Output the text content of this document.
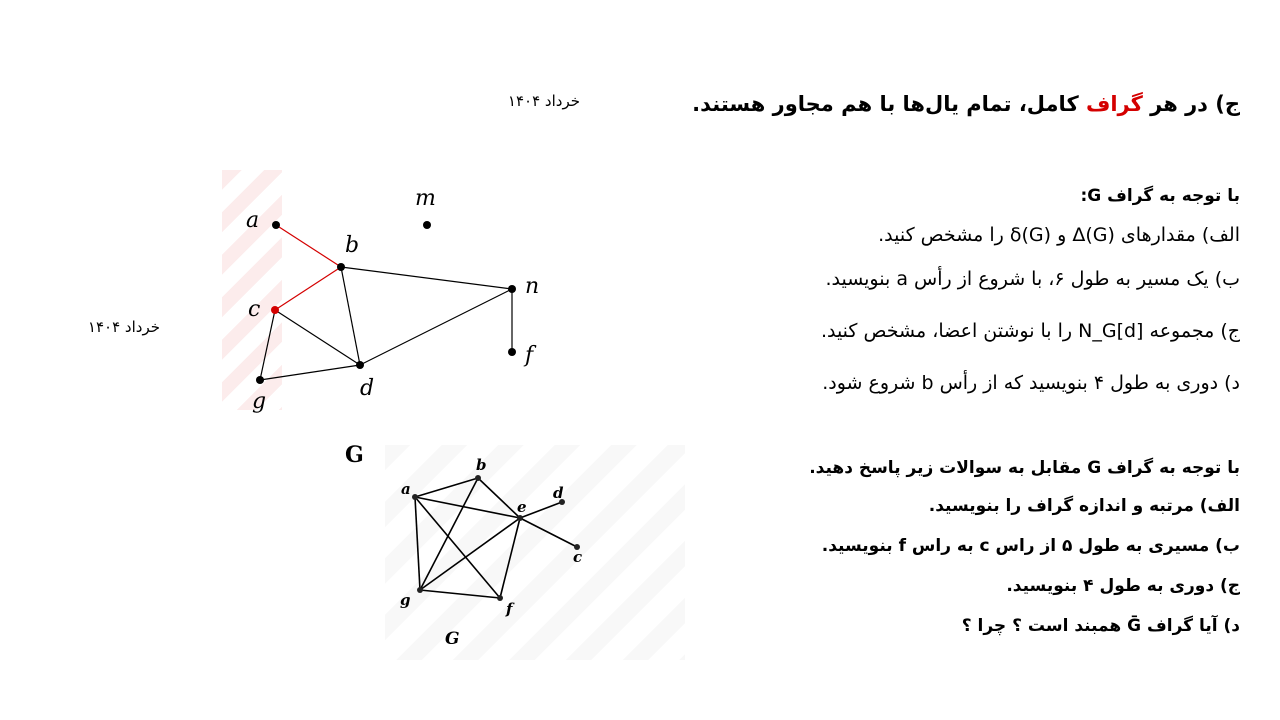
خرداد ۱۴۰۴	ج) در هر گراف کامل، تمام یال‌ها با هم مجاور هستند.
خرداد ۱۴۰۴
با توجه به گراف G:
الف) مقدارهای Δ(G) و δ(G) را مشخص کنید.
ب) یک مسیر به طول ۶، با شروع از رأس a بنویسید.
ج) مجموعه N_G[d] را با نوشتن اعضا، مشخص کنید.
د) دوری به طول ۴ بنویسید که از رأس b شروع شود.
a
b
c
d
g
m
n
f
G	با توجه به گراف G مقابل به سوالات زیر پاسخ دهید.
الف) مرتبه و اندازه گراف را بنویسید.
ب) مسیری به طول ۵ از راس c به راس f بنویسید.
ج) دوری به طول ۴ بنویسید.
د) آیا گراف Ḡ همبند است ؟ چرا ؟
a
b
e
d
c
g	f
G
